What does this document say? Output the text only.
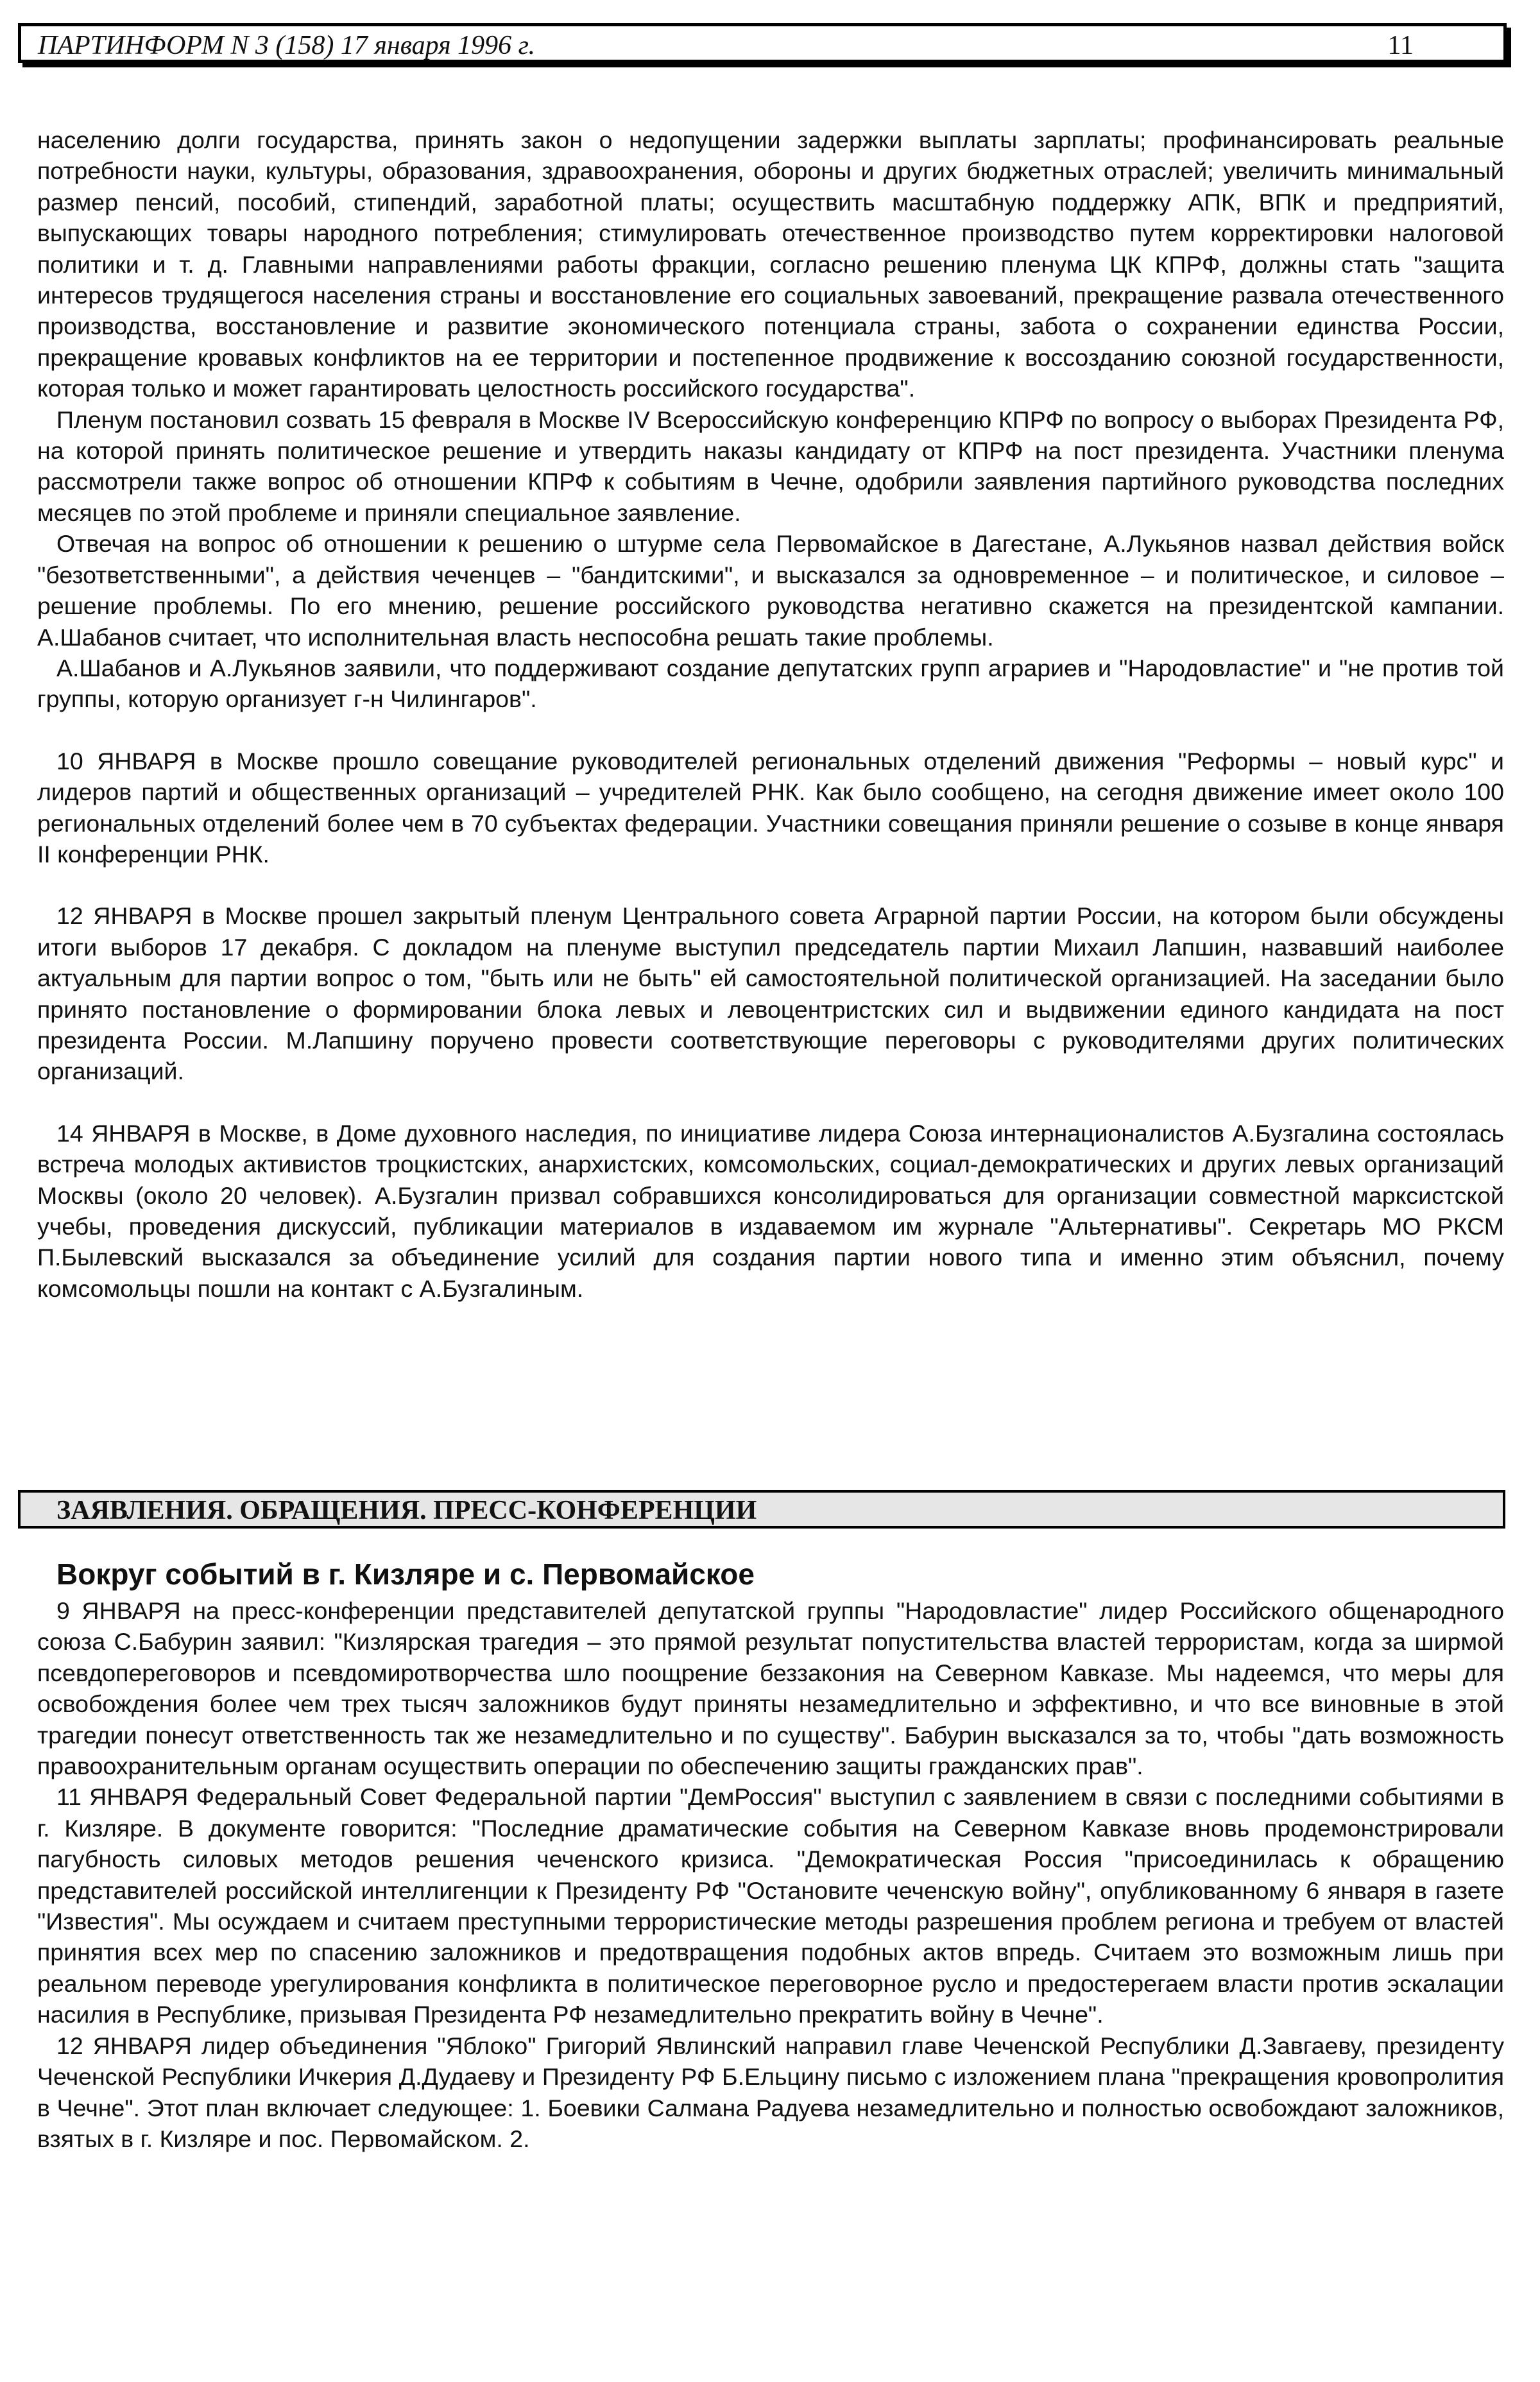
ПАРТИНФОРМ N 3 (158) 17 января 1996 г.	11

населению долги государства, принять закон о недопущении задержки выплаты зарплаты; профинансировать реальные потребности науки, культуры, образования, здравоохранения, обороны и других бюджетных отраслей; увеличить минимальный размер пенсий, пособий, стипендий, заработной платы; осуществить масштабную поддержку АПК, ВПК и предприятий, выпускающих товары народного потребления; стимулировать отечественное производство путем корректировки налоговой политики и т. д. Главными направлениями работы фракции, согласно решению пленума ЦК КПРФ, должны стать "защита интересов трудящегося населения страны и восстановление его социальных завоеваний, прекращение развала отечественного производства, восстановление и развитие экономического потенциала страны, забота о сохранении единства России, прекращение кровавых конфликтов на ее территории и постепенное продвижение к воссозданию союзной государственности, которая только и может гарантировать целостность российского государства".

Пленум постановил созвать 15 февраля в Москве IV Всероссийскую конференцию КПРФ по вопросу о выборах Президента РФ, на которой принять политическое решение и утвердить наказы кандидату от КПРФ на пост президента. Участники пленума рассмотрели также вопрос об отношении КПРФ к событиям в Чечне, одобрили заявления партийного руководства последних месяцев по этой проблеме и приняли специальное заявление.

Отвечая на вопрос об отношении к решению о штурме села Первомайское в Дагестане, А.Лукьянов назвал действия войск "безответственными", а действия чеченцев – "бандитскими", и высказался за одновременное – и политическое, и силовое – решение проблемы. По его мнению, решение российского руководства негативно скажется на президентской кампании. А.Шабанов считает, что исполнительная власть неспособна решать такие проблемы.

А.Шабанов и А.Лукьянов заявили, что поддерживают создание депутатских групп аграриев и "Народовластие" и "не против той группы, которую организует г-н Чилингаров".

10 ЯНВАРЯ в Москве прошло совещание руководителей региональных отделений движения "Реформы – новый курс" и лидеров партий и общественных организаций – учредителей РНК. Как было сообщено, на сегодня движение имеет около 100 региональных отделений более чем в 70 субъектах федерации. Участники совещания приняли решение о созыве в конце января II конференции РНК.

12 ЯНВАРЯ в Москве прошел закрытый пленум Центрального совета Аграрной партии России, на котором были обсуждены итоги выборов 17 декабря. С докладом на пленуме выступил председатель партии Михаил Лапшин, назвавший наиболее актуальным для партии вопрос о том, "быть или не быть" ей самостоятельной политической организацией. На заседании было принято постановление о формировании блока левых и левоцентристских сил и выдвижении единого кандидата на пост президента России. М.Лапшину поручено провести соответствующие переговоры с руководителями других политических организаций.

14 ЯНВАРЯ в Москве, в Доме духовного наследия, по инициативе лидера Союза интернационалистов А.Бузгалина состоялась встреча молодых активистов троцкистских, анархистских, комсомольских, социал-демократических и других левых организаций Москвы (около 20 человек). А.Бузгалин призвал собравшихся консолидироваться для организации совместной марксистской учебы, проведения дискуссий, публикации материалов в издаваемом им журнале "Альтернативы". Секретарь МО РКСМ П.Былевский высказался за объединение усилий для создания партии нового типа и именно этим объяснил, почему комсомольцы пошли на контакт с А.Бузгалиным.

ЗАЯВЛЕНИЯ. ОБРАЩЕНИЯ. ПРЕСС-КОНФЕРЕНЦИИ
Вокруг событий в г. Кизляре и с. Первомайское

9 ЯНВАРЯ на пресс-конференции представителей депутатской группы "Народовластие" лидер Российского общенародного союза С.Бабурин заявил: "Кизлярская трагедия – это прямой результат попустительства властей террористам, когда за ширмой псевдопереговоров и псевдомиротворчества шло поощрение беззакония на Северном Кавказе. Мы надеемся, что меры для освобождения более чем трех тысяч заложников будут приняты незамедлительно и эффективно, и что все виновные в этой трагедии понесут ответственность так же незамедлительно и по существу". Бабурин высказался за то, чтобы "дать возможность правоохранительным органам осуществить операции по обеспечению защиты гражданских прав".

11 ЯНВАРЯ Федеральный Совет Федеральной партии "ДемРоссия" выступил с заявлением в связи с последними событиями в г. Кизляре. В документе говорится: "Последние драматические события на Северном Кавказе вновь продемонстрировали пагубность силовых методов решения чеченского кризиса. "Демократическая Россия "присоединилась к обращению представителей российской интеллигенции к Президенту РФ "Остановите чеченскую войну", опубликованному 6 января в газете "Известия". Мы осуждаем и считаем преступными террористические методы разрешения проблем региона и требуем от властей принятия всех мер по спасению заложников и предотвращения подобных актов впредь. Считаем это возможным лишь при реальном переводе урегулирования конфликта в политическое переговорное русло и предостерегаем власти против эскалации насилия в Республике, призывая Президента РФ незамедлительно прекратить войну в Чечне".

12 ЯНВАРЯ лидер объединения "Яблоко" Григорий Явлинский направил главе Чеченской Республики Д.Завгаеву, президенту Чеченской Республики Ичкерия Д.Дудаеву и Президенту РФ Б.Ельцину письмо с изложением плана "прекращения кровопролития в Чечне". Этот план включает следующее: 1. Боевики Салмана Радуева незамедлительно и полностью освобождают заложников, взятых в г. Кизляре и пос. Первомайском. 2.
